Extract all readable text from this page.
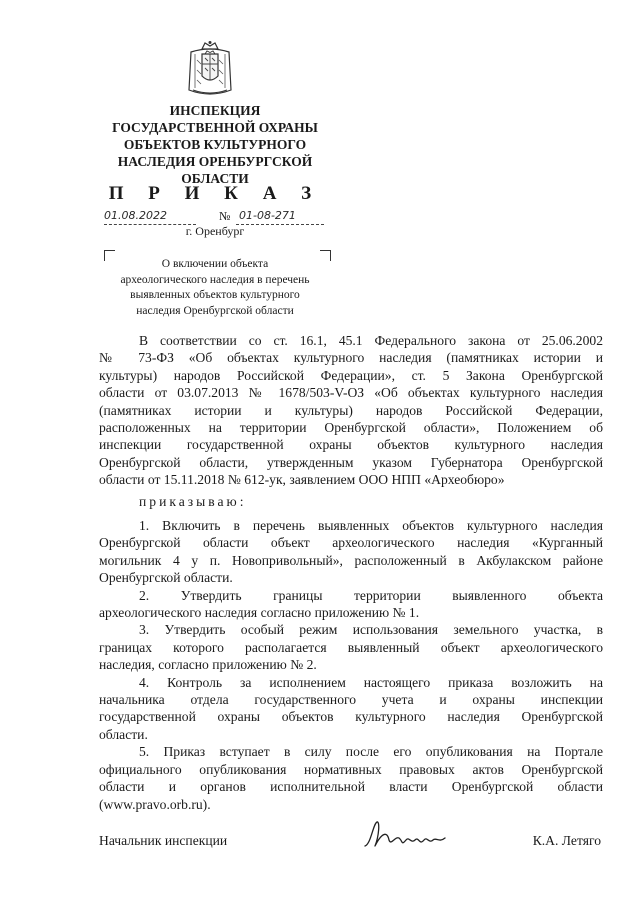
ИНСПЕКЦИЯ
ГОСУДАРСТВЕННОЙ ОХРАНЫ
ОБЪЕКТОВ КУЛЬТУРНОГО
НАСЛЕДИЯ ОРЕНБУРГСКОЙ
ОБЛАСТИ
П Р И К А З
01.08.2022	№ 01-08-271
г. Оренбург
О включении объекта
археологического наследия в перечень
выявленных объектов культурного
наследия Оренбургской области
В соответствии со ст. 16.1, 45.1 Федерального закона от 25.06.2002
№ 73-ФЗ «Об объектах культурного наследия (памятниках истории и
культуры) народов Российской Федерации», ст. 5 Закона Оренбургской
области от 03.07.2013 № 1678/503-V-ОЗ «Об объектах культурного наследия
(памятниках истории и культуры) народов Российской Федерации,
расположенных на территории Оренбургской области», Положением об
инспекции государственной охраны объектов культурного наследия
Оренбургской области, утвержденным указом Губернатора Оренбургской
области от 15.11.2018 № 612-ук, заявлением ООО НПП «Археобюро»
приказываю:
1. Включить в перечень выявленных объектов культурного наследия
Оренбургской области объект археологического наследия «Курганный
могильник 4 у п. Новопривольный», расположенный в Акбулакском районе
Оренбургской области.
2. Утвердить границы территории выявленного объекта
археологического наследия согласно приложению № 1.
3. Утвердить особый режим использования земельного участка, в
границах которого располагается выявленный объект археологического
наследия, согласно приложению № 2.
4. Контроль за исполнением настоящего приказа возложить на
начальника отдела государственного учета и охраны инспекции
государственной охраны объектов культурного наследия Оренбургской
области.
5. Приказ вступает в силу после его опубликования на Портале
официального опубликования нормативных правовых актов Оренбургской
области и органов исполнительной власти Оренбургской области
(www.pravo.orb.ru).
Начальник инспекции	К.А. Летяго
